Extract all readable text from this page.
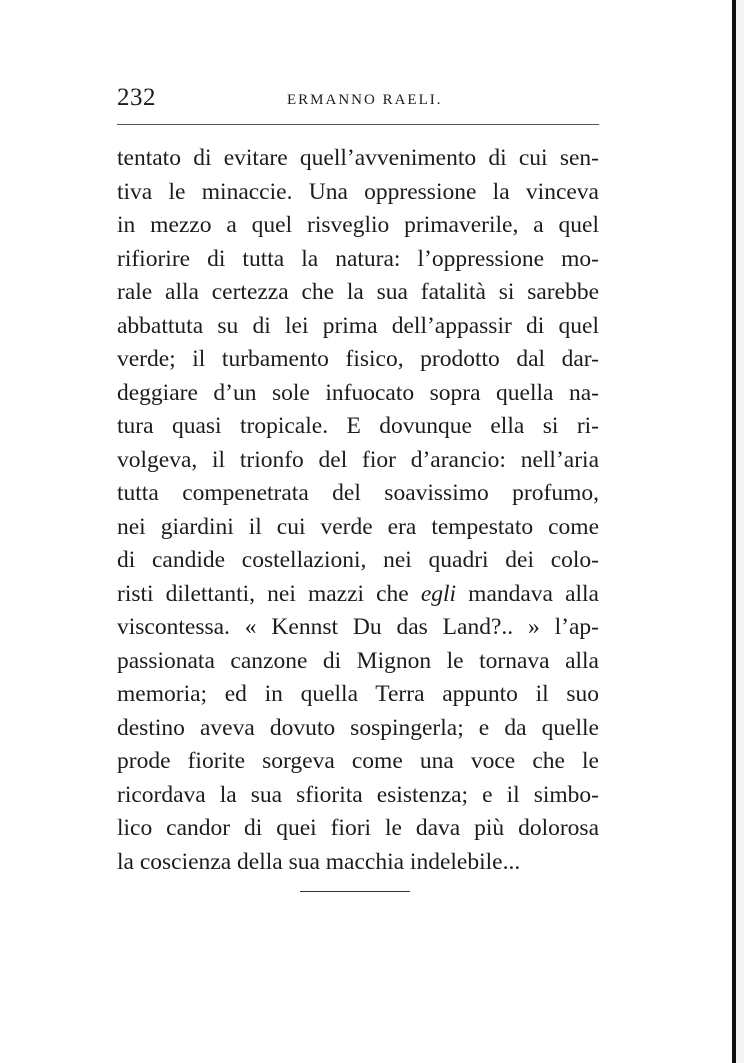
232	ERMANNO RAELI.
tentato di evitare quell’avvenimento di cui sen-
tiva le minaccie. Una oppressione la vinceva
in mezzo a quel risveglio primaverile, a quel
rifiorire di tutta la natura: l’oppressione mo-
rale alla certezza che la sua fatalità si sarebbe
abbattuta su di lei prima dell’appassir di quel
verde; il turbamento fisico, prodotto dal dar-
deggiare d’un sole infuocato sopra quella na-
tura quasi tropicale. E dovunque ella si ri-
volgeva, il trionfo del fior d’arancio: nell’aria
tutta compenetrata del soavissimo profumo,
nei giardini il cui verde era tempestato come
di candide costellazioni, nei quadri dei colo-
risti dilettanti, nei mazzi che egli mandava alla
viscontessa. « Kennst Du das Land?.. » l’ap-
passionata canzone di Mignon le tornava alla
memoria; ed in quella Terra appunto il suo
destino aveva dovuto sospingerla; e da quelle
prode fiorite sorgeva come una voce che le
ricordava la sua sfiorita esistenza; e il simbo-
lico candor di quei fiori le dava più dolorosa
la coscienza della sua macchia indelebile...
